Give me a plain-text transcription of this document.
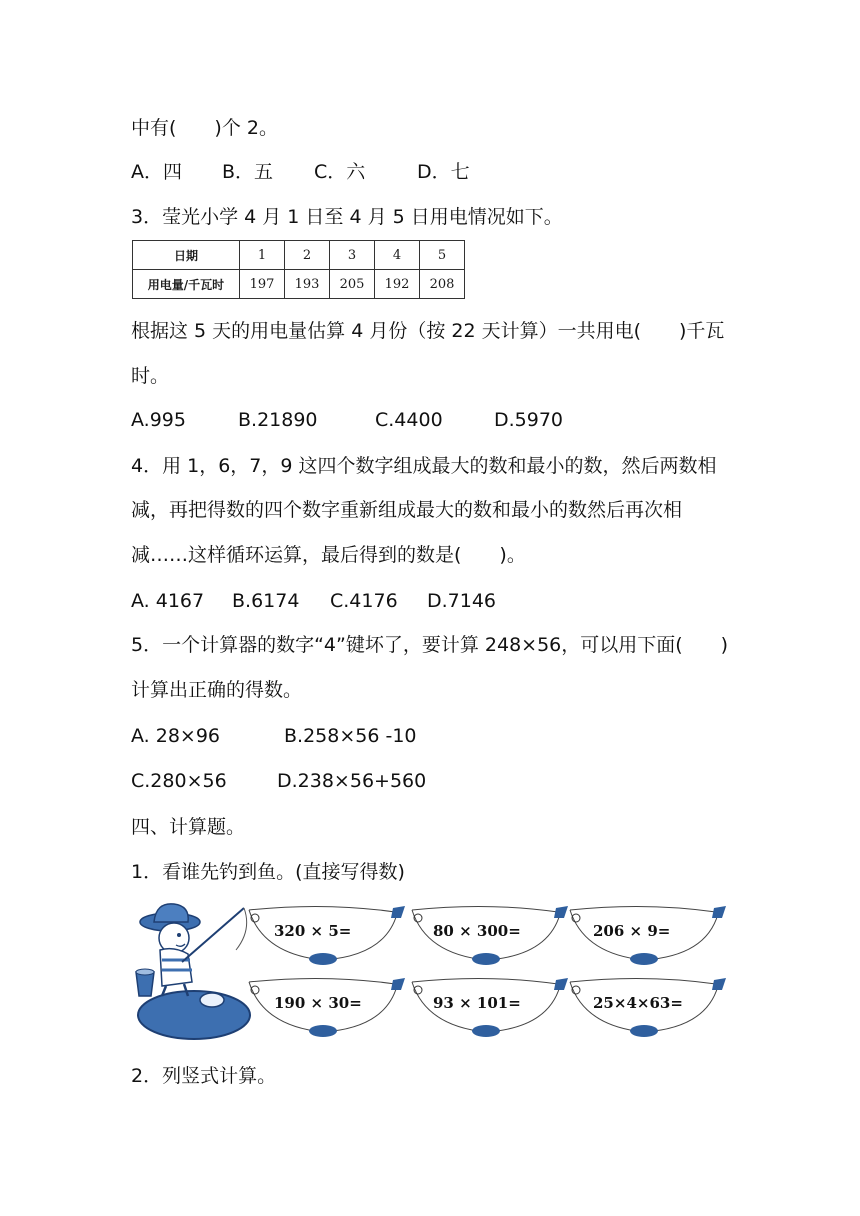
中有(　　)个 2。
A．四 B．五 C．六	D．七
3．莹光小学 4 月 1 日至 4 月 5 日用电情况如下。
日期	1	2	3	4	5
用电量/千瓦时	197	193	205	192	208
根据这 5 天的用电量估算 4 月份（按 22 天计算）一共用电(　　)千瓦
时。
A.995	B.21890	C.4400	D.5970
4．用 1，6，7，9 这四个数字组成最大的数和最小的数，然后两数相
减，再把得数的四个数字重新组成最大的数和最小的数然后再次相
减……这样循环运算，最后得到的数是(　　)。
A. 4167 B.6174 C.4176 D.7146
5．一个计算器的数字“4”键坏了，要计算 248×56，可以用下面(　　)
计算出正确的得数。
A. 28×96	B.258×56 -10
C.280×56	D.238×56+560
四、计算题。
1．看谁先钓到鱼。(直接写得数)
320 × 5=	80 × 300=	206 × 9=
190 × 30=	93 × 101=	25×4×63=
2．列竖式计算。
